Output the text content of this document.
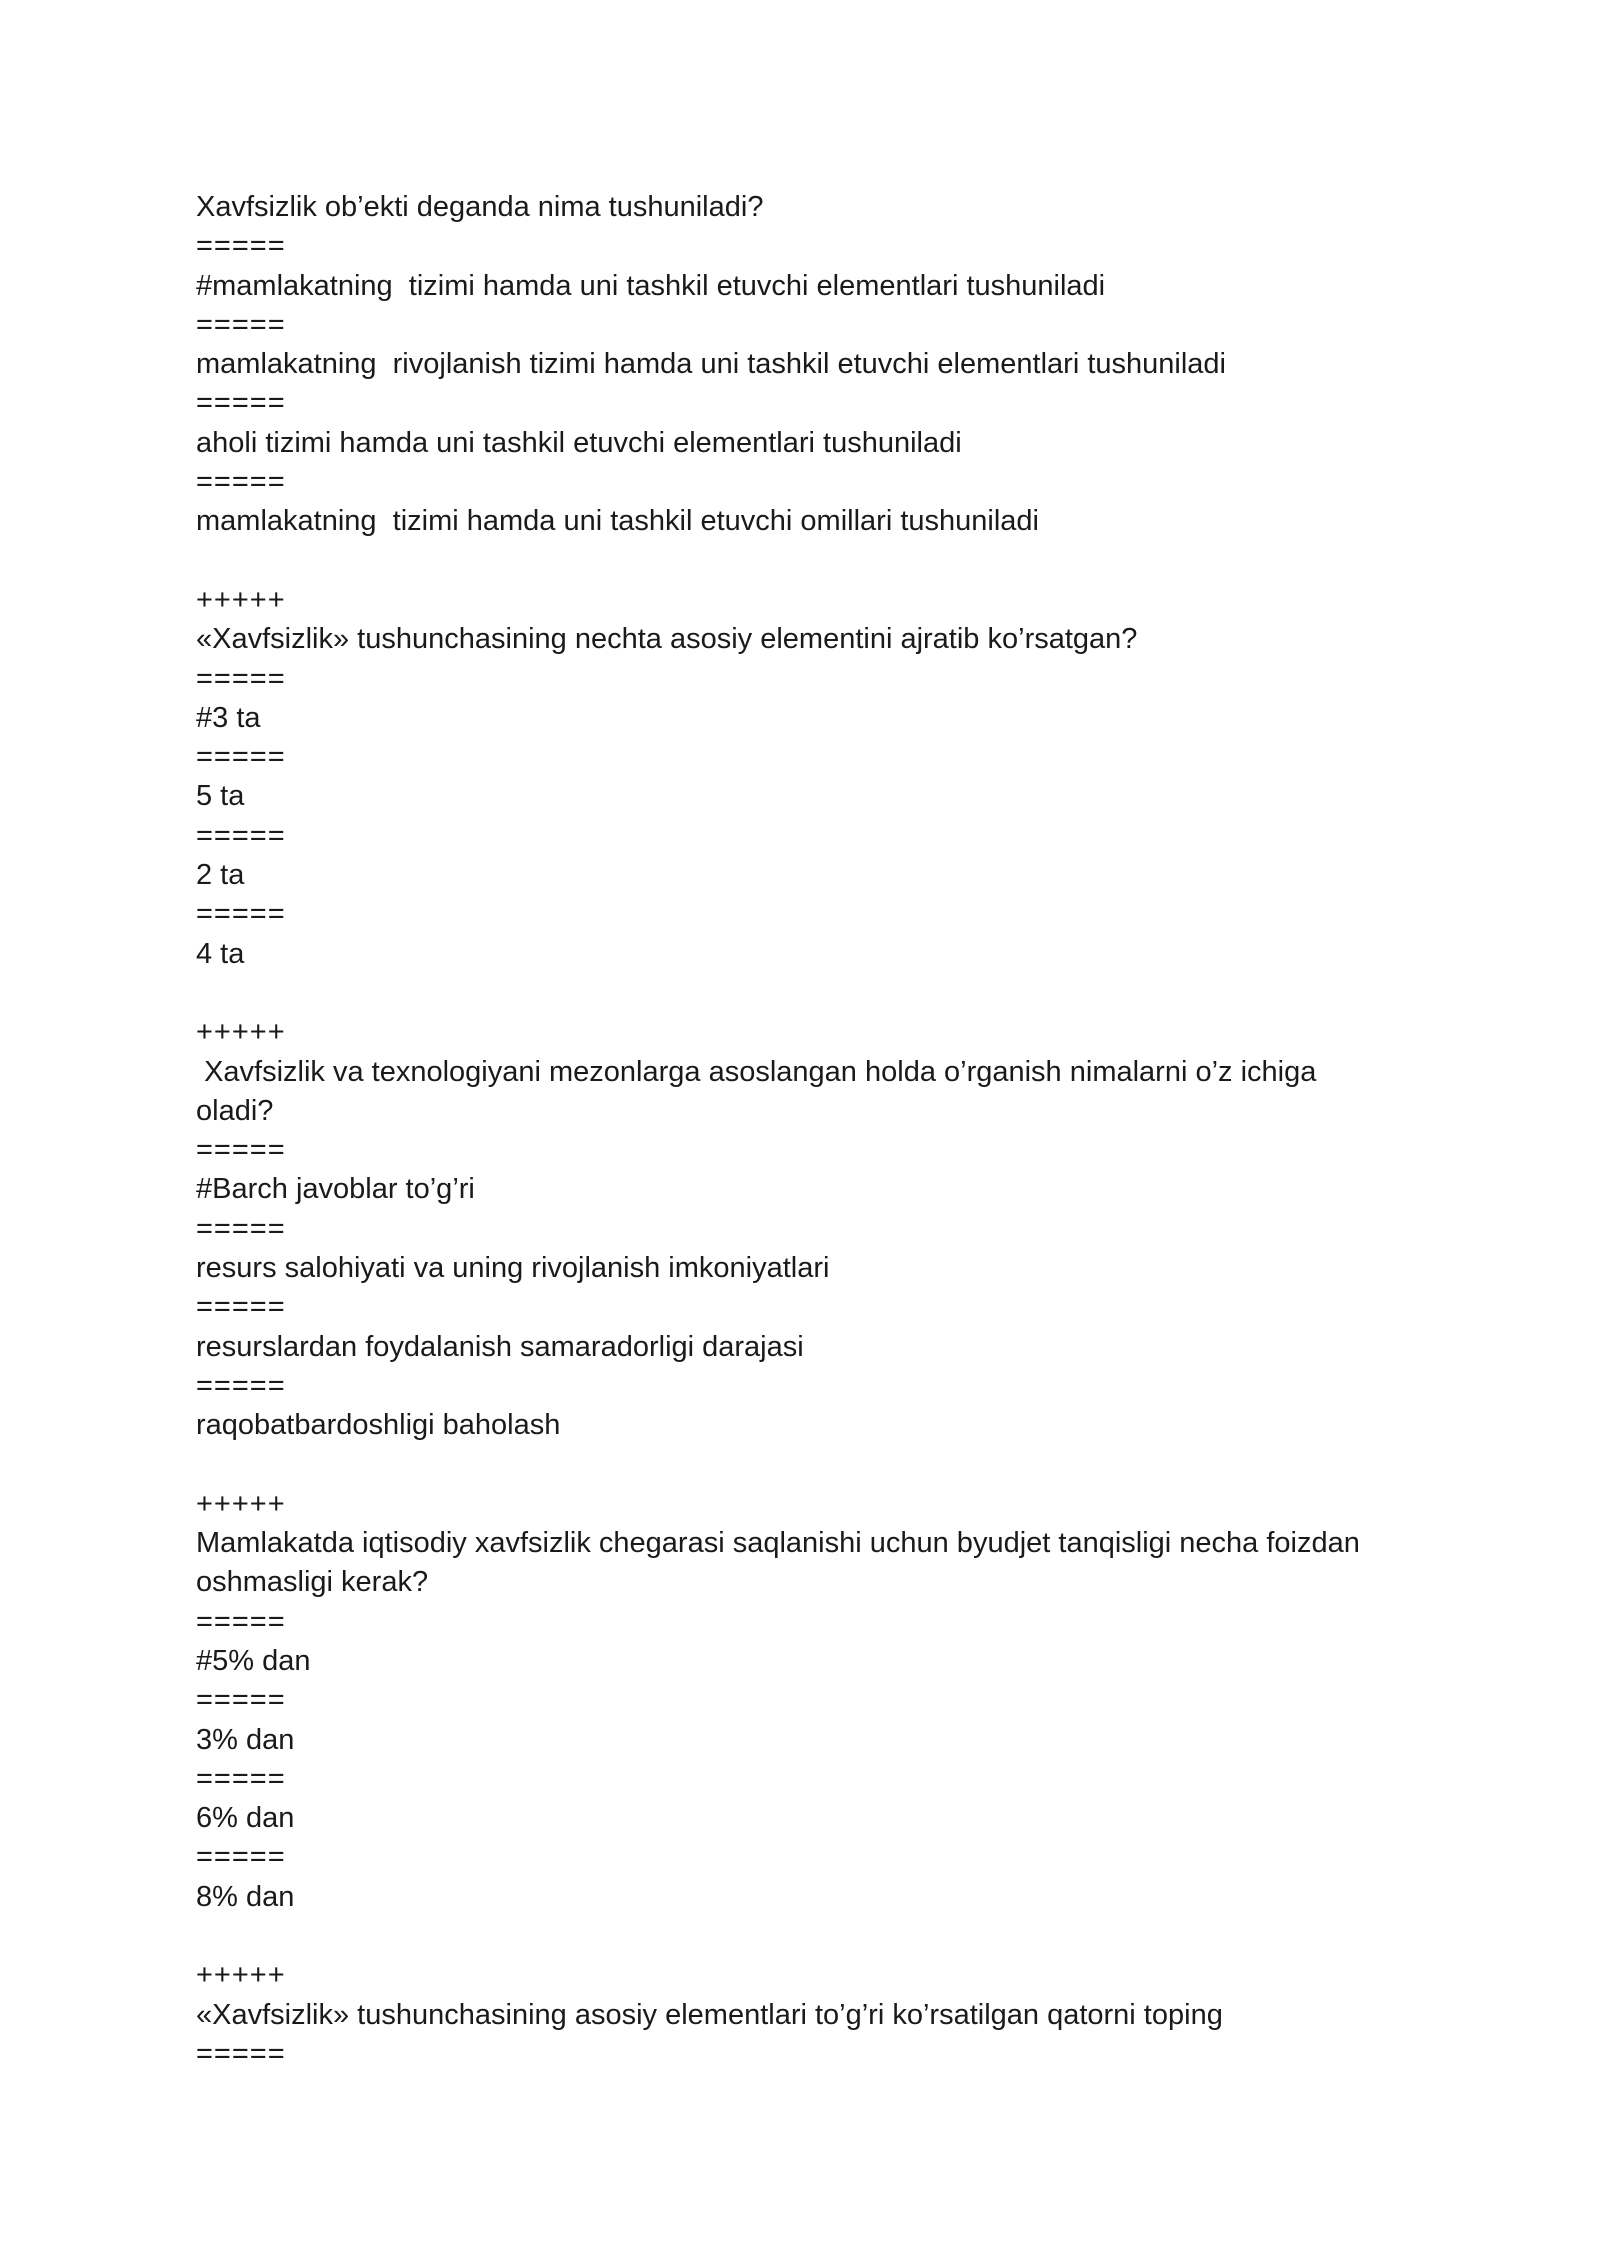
Xavfsizlik ob’ekti deganda nima tushuniladi?
=====
#mamlakatning  tizimi hamda uni tashkil etuvchi elementlari tushuniladi
=====
mamlakatning  rivojlanish tizimi hamda uni tashkil etuvchi elementlari tushuniladi
=====
aholi tizimi hamda uni tashkil etuvchi elementlari tushuniladi
=====
mamlakatning  tizimi hamda uni tashkil etuvchi omillari tushuniladi
+++++
«Xavfsizlik» tushunchasining nechta asosiy elementini ajratib ko’rsatgan?
=====
#3 ta
=====
5 ta
=====
2 ta
=====
4 ta
+++++
Xavfsizlik va texnologiyani mezonlarga asoslangan holda o’rganish nimalarni o’z ichiga
oladi?
=====
#Barch javoblar to’g’ri
=====
resurs salohiyati va uning rivojlanish imkoniyatlari
=====
resurslardan foydalanish samaradorligi darajasi
=====
raqobatbardoshligi baholash
+++++
Mamlakatda iqtisodiy xavfsizlik chegarasi saqlanishi uchun byudjet tanqisligi necha foizdan
oshmasligi kerak?
=====
#5% dan
=====
3% dan
=====
6% dan
=====
8% dan
+++++
«Xavfsizlik» tushunchasining asosiy elementlari to’g’ri ko’rsatilgan qatorni toping
=====
